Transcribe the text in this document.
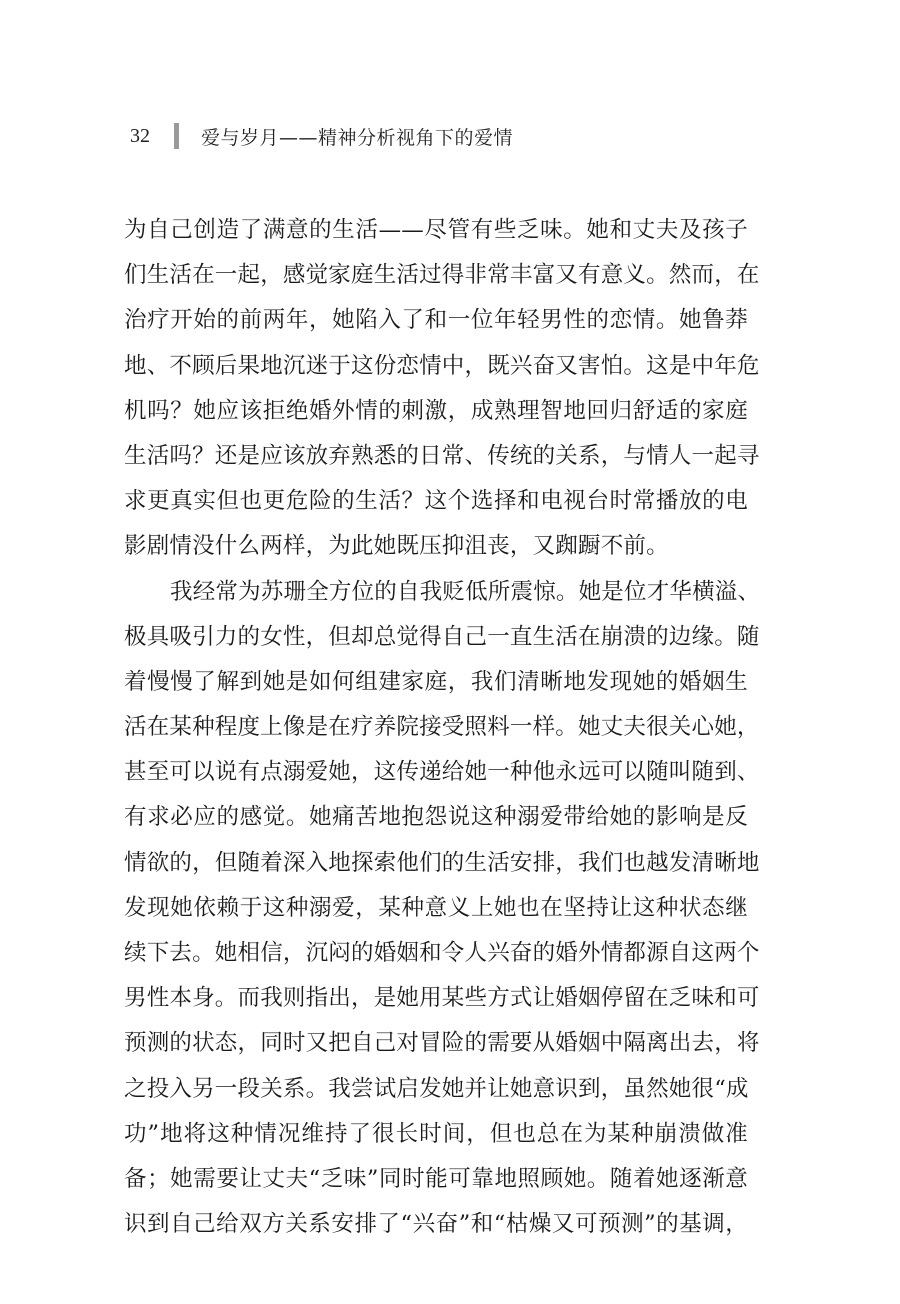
32	爱与岁月——精神分析视角下的爱情
为自己创造了满意的生活——尽管有些乏味。她和丈夫及孩子
们生活在一起，感觉家庭生活过得非常丰富又有意义。然而，在
治疗开始的前两年，她陷入了和一位年轻男性的恋情。她鲁莽
地、不顾后果地沉迷于这份恋情中，既兴奋又害怕。这是中年危
机吗？她应该拒绝婚外情的刺激，成熟理智地回归舒适的家庭
生活吗？还是应该放弃熟悉的日常、传统的关系，与情人一起寻
求更真实但也更危险的生活？这个选择和电视台时常播放的电
影剧情没什么两样，为此她既压抑沮丧，又踟蹰不前。
我经常为苏珊全方位的自我贬低所震惊。她是位才华横溢、
极具吸引力的女性，但却总觉得自己一直生活在崩溃的边缘。随
着慢慢了解到她是如何组建家庭，我们清晰地发现她的婚姻生
活在某种程度上像是在疗养院接受照料一样。她丈夫很关心她，
甚至可以说有点溺爱她，这传递给她一种他永远可以随叫随到、
有求必应的感觉。她痛苦地抱怨说这种溺爱带给她的影响是反
情欲的，但随着深入地探索他们的生活安排，我们也越发清晰地
发现她依赖于这种溺爱，某种意义上她也在坚持让这种状态继
续下去。她相信，沉闷的婚姻和令人兴奋的婚外情都源自这两个
男性本身。而我则指出，是她用某些方式让婚姻停留在乏味和可
预测的状态，同时又把自己对冒险的需要从婚姻中隔离出去，将
之投入另一段关系。我尝试启发她并让她意识到，虽然她很“成
功”地将这种情况维持了很长时间，但也总在为某种崩溃做准
备；她需要让丈夫“乏味”同时能可靠地照顾她。随着她逐渐意
识到自己给双方关系安排了“兴奋”和“枯燥又可预测”的基调，
